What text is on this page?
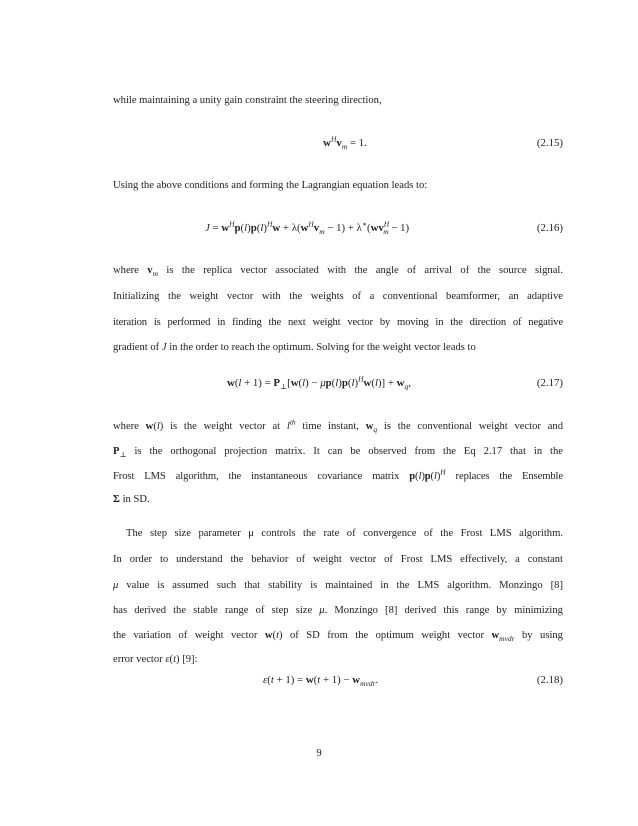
while maintaining a unity gain constraint the steering direction,
$w^Hv_m = 1$.	(2.15)
Using the above conditions and forming the Lagrangian equation leads to:
$J = w^Hp(l)p(l)^Hw + \lambda(w^Hv_m - 1) + \lambda^∗(wv^H_m - 1)$	(2.16)
where $v_m$ is the replica vector associated with the angle of arrival of the source signal.
Initializing the weight vector with the weights of a conventional beamformer, an adaptive
iteration is performed in finding the next weight vector by moving in the direction of negative
gradient of J in the order to reach the optimum. Solving for the weight vector leads to
$w(l + 1) = P_\perp[w(l) - \mu p(l)p(l)^Hw(l)] + w_q$,	(2.17)
where w(l) is the weight vector at $l^{th}$ time instant, $w_q$ is the conventional weight vector and
$P_\perp$ is the orthogonal projection matrix. It can be observed from the Eq 2.17 that in the
Frost LMS algorithm, the instantaneous covariance matrix $p(l)p(l)^H$ replaces the Ensemble
Σ in SD.
The step size parameter μ controls the rate of convergence of the Frost LMS algorithm.
In order to understand the behavior of weight vector of Frost LMS effectively, a constant
μ value is assumed such that stability is maintained in the LMS algorithm. Monzingo [8]
has derived the stable range of step size μ. Monzingo [8] derived this range by minimizing
the variation of weight vector w(t) of SD from the optimum weight vector $w_{mvdr}$ by using
error vector ε(t) [9]:
$\varepsilon(t + 1) = w(t + 1) - w_{mvdr}$.	(2.18)
9
